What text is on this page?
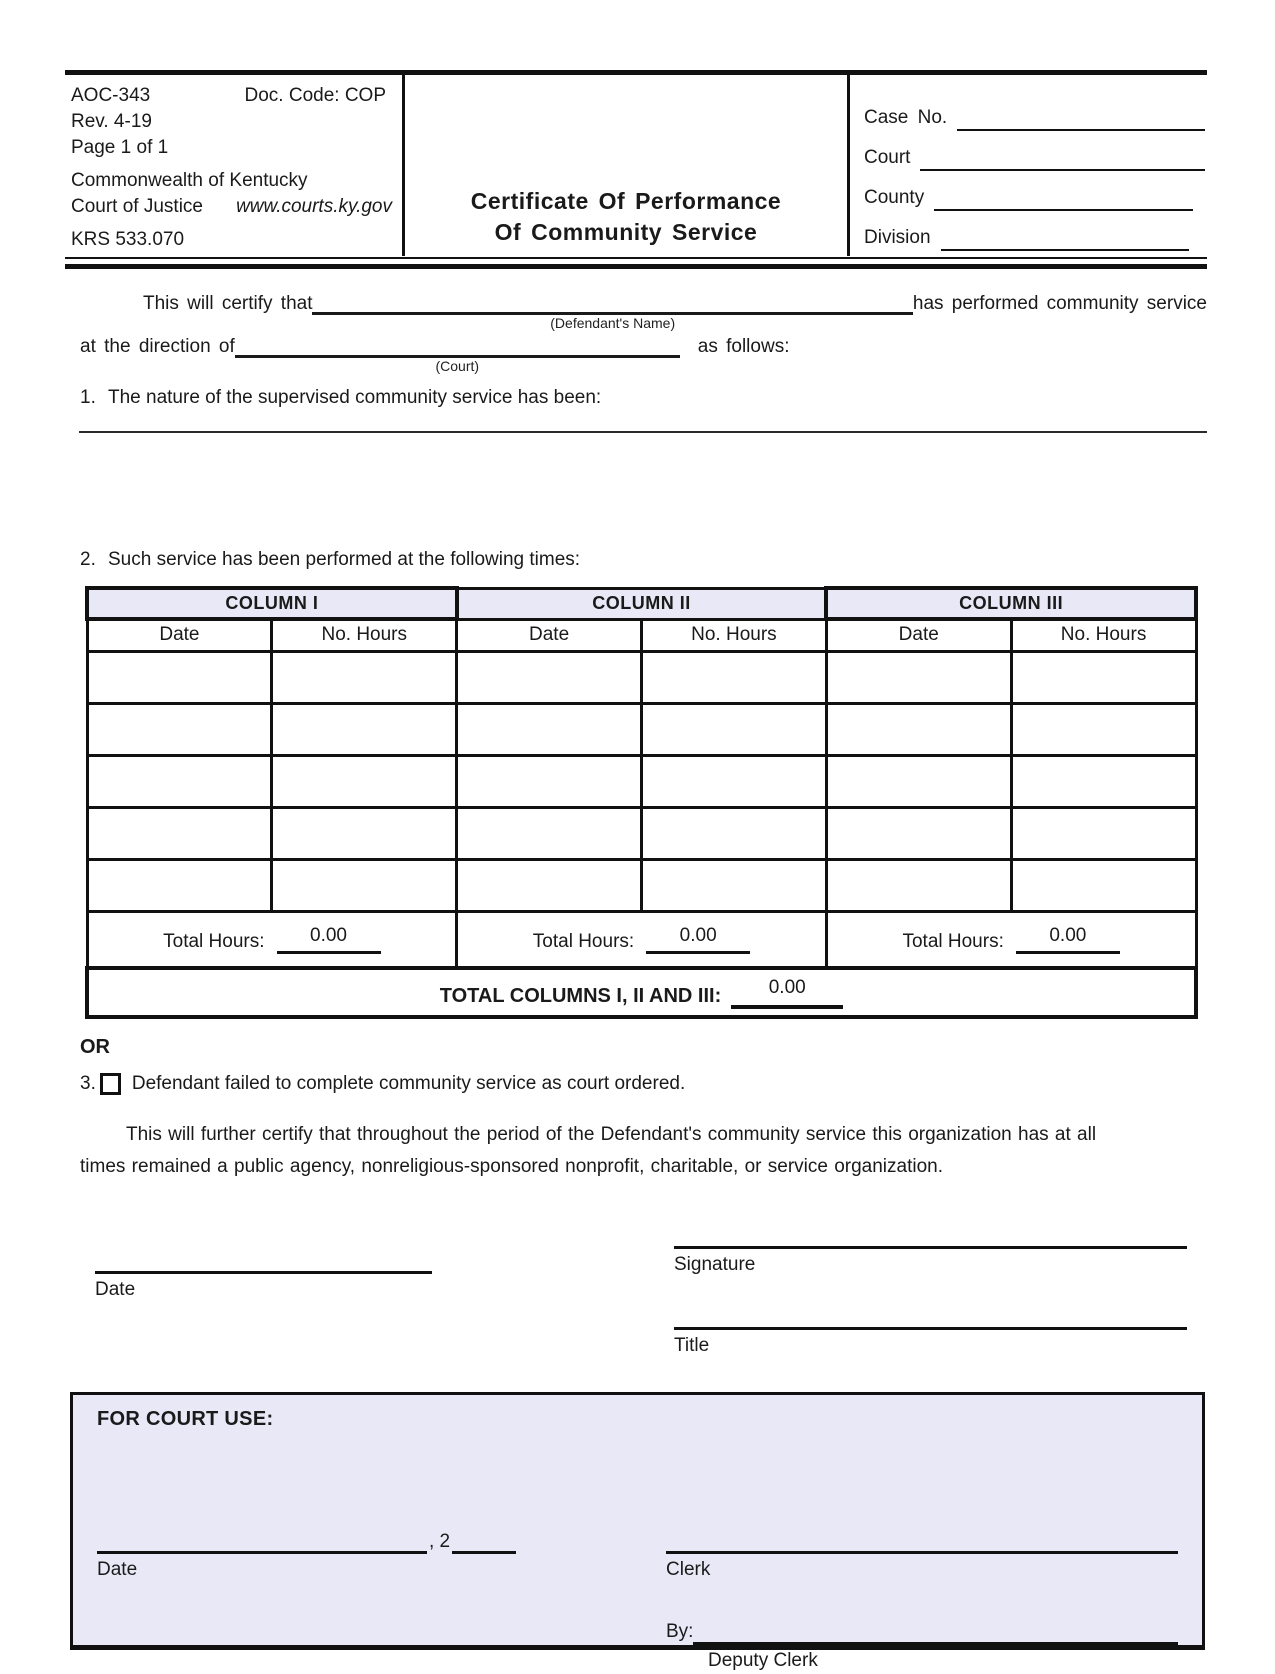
AOC-343	Doc. Code: COP
Rev. 4-19
Page 1 of 1
Commonwealth of Kentucky
Court of Justice www.courts.ky.gov
KRS 533.070
Certificate Of Performance
Of Community Service
Case No.
Court
County
Division
This will certify that
(Defendant's Name)
has performed community service
at the direction of
(Court)
as follows:
1. The nature of the supervised community service has been:
2. Such service has been performed at the following times:
COLUMN I		COLUMN II		COLUMN III	
Date	No. Hours	Date	No. Hours	Date	No. Hours

Total Hours: 0.00		Total Hours: 0.00		Total Hours: 0.00	

TOTAL COLUMNS I, II AND III: 0.00					
OR
3. Defendant failed to complete community service as court ordered.
This will further certify that throughout the period of the Defendant's community service this organization has at all times remained a public agency, nonreligious-sponsored nonprofit, charitable, or service organization.
Date
Signature
Title
FOR COURT USE:
, 2
Date	Clerk
By:
Deputy Clerk
